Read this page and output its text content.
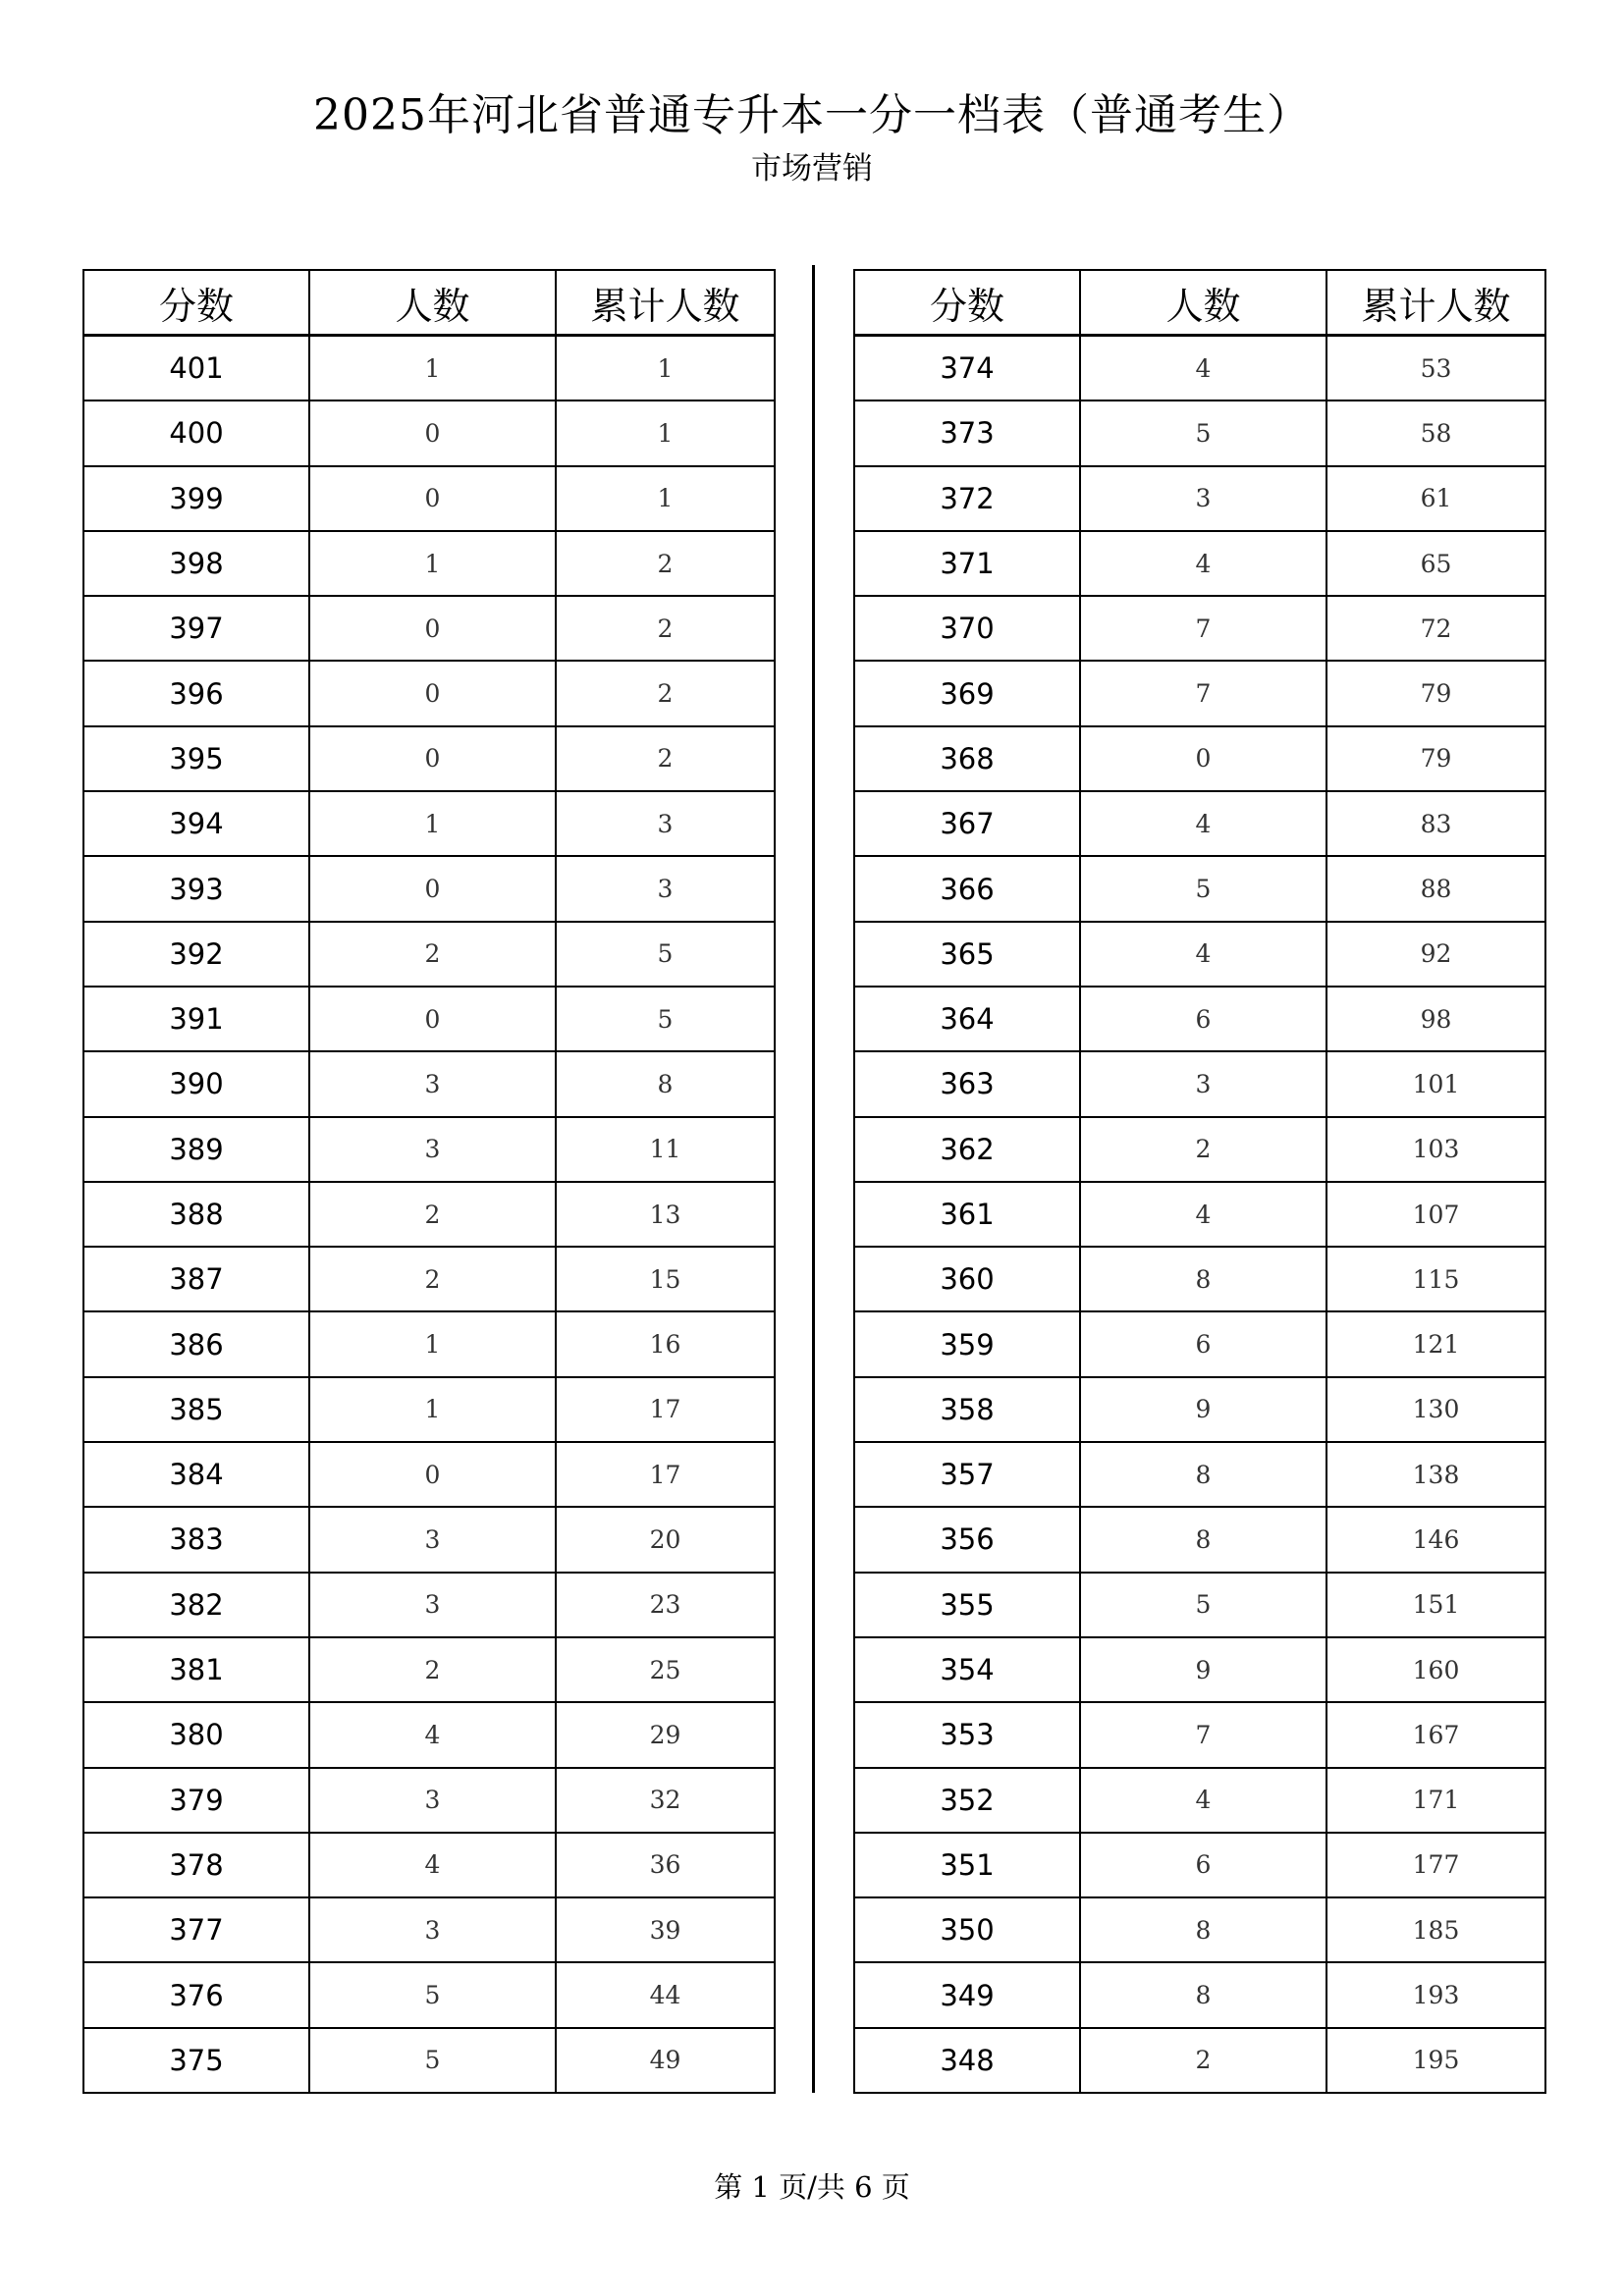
2025年河北省普通专升本一分一档表（普通考生）
市场营销
分数	人数	累计人数
401	1	1
400	0	1
399	0	1
398	1	2
397	0	2
396	0	2
395	0	2
394	1	3
393	0	3
392	2	5
391	0	5
390	3	8
389	3	11
388	2	13
387	2	15
386	1	16
385	1	17
384	0	17
383	3	20
382	3	23
381	2	25
380	4	29
379	3	32
378	4	36
377	3	39
376	5	44
375	5	49
分数	人数	累计人数
374	4	53
373	5	58
372	3	61
371	4	65
370	7	72
369	7	79
368	0	79
367	4	83
366	5	88
365	4	92
364	6	98
363	3	101
362	2	103
361	4	107
360	8	115
359	6	121
358	9	130
357	8	138
356	8	146
355	5	151
354	9	160
353	7	167
352	4	171
351	6	177
350	8	185
349	8	193
348	2	195
第 1 页/共 6 页
